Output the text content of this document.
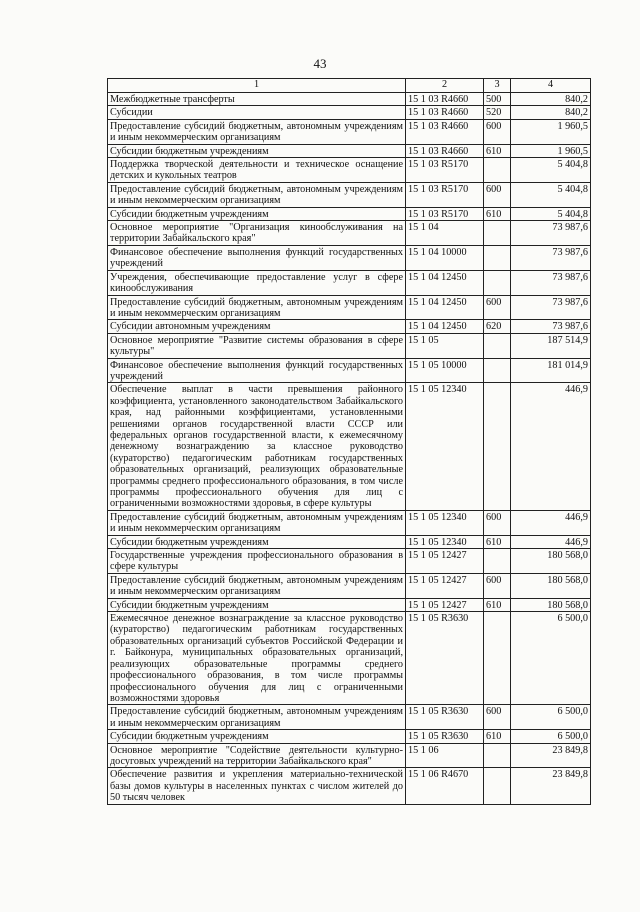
43
1	2	3	4
Межбюджетные трансферты	15 1 03 R4660	500	840,2
Субсидии	15 1 03 R4660	520	840,2
Предоставление субсидий бюджетным, автономным учреждениям и иным некоммерческим организациям	15 1 03 R4660	600	1 960,5
Субсидии бюджетным учреждениям	15 1 03 R4660	610	1 960,5
Поддержка творческой деятельности и техническое оснащение детских и кукольных театров	15 1 03 R5170		5 404,8
Предоставление субсидий бюджетным, автономным учреждениям и иным некоммерческим организациям	15 1 03 R5170	600	5 404,8
Субсидии бюджетным учреждениям	15 1 03 R5170	610	5 404,8
Основное мероприятие "Организация кинообслуживания на территории Забайкальского края"	15 1 04		73 987,6
Финансовое обеспечение выполнения функций государственных учреждений	15 1 04 10000		73 987,6
Учреждения, обеспечивающие предоставление услуг в сфере кинообслуживания	15 1 04 12450		73 987,6
Предоставление субсидий бюджетным, автономным учреждениям и иным некоммерческим организациям	15 1 04 12450	600	73 987,6
Субсидии автономным учреждениям	15 1 04 12450	620	73 987,6
Основное мероприятие "Развитие системы образования в сфере культуры"	15 1 05		187 514,9
Финансовое обеспечение выполнения функций государственных учреждений	15 1 05 10000		181 014,9
Обеспечение выплат в части превышения районного коэффициента, установленного законодательством Забайкальского края, над районными коэффициентами, установленными решениями органов государственной власти СССР или федеральных органов государственной власти, к ежемесячному денежному вознаграждению за классное руководство (кураторство) педагогическим работникам государственных образовательных организаций, реализующих образовательные программы среднего профессионального образования, в том числе программы профессионального обучения для лиц с ограниченными возможностями здоровья, в сфере культуры	15 1 05 12340		446,9
Предоставление субсидий бюджетным, автономным учреждениям и иным некоммерческим организациям	15 1 05 12340	600	446,9
Субсидии бюджетным учреждениям	15 1 05 12340	610	446,9
Государственные учреждения профессионального образования в сфере культуры	15 1 05 12427		180 568,0
Предоставление субсидий бюджетным, автономным учреждениям и иным некоммерческим организациям	15 1 05 12427	600	180 568,0
Субсидии бюджетным учреждениям	15 1 05 12427	610	180 568,0
Ежемесячное денежное вознаграждение за классное руководство (кураторство) педагогическим работникам государственных образовательных организаций субъектов Российской Федерации и г. Байконура, муниципальных образовательных организаций, реализующих образовательные программы среднего профессионального образования, в том числе программы профессионального обучения для лиц с ограниченными возможностями здоровья	15 1 05 R3630		6 500,0
Предоставление субсидий бюджетным, автономным учреждениям и иным некоммерческим организациям	15 1 05 R3630	600	6 500,0
Субсидии бюджетным учреждениям	15 1 05 R3630	610	6 500,0
Основное мероприятие "Содействие деятельности культурно-досуговых учреждений на территории Забайкальского края"	15 1 06		23 849,8
Обеспечение развития и укрепления материально-технической базы домов культуры в населенных пунктах с числом жителей до 50 тысяч человек	15 1 06 R4670		23 849,8
